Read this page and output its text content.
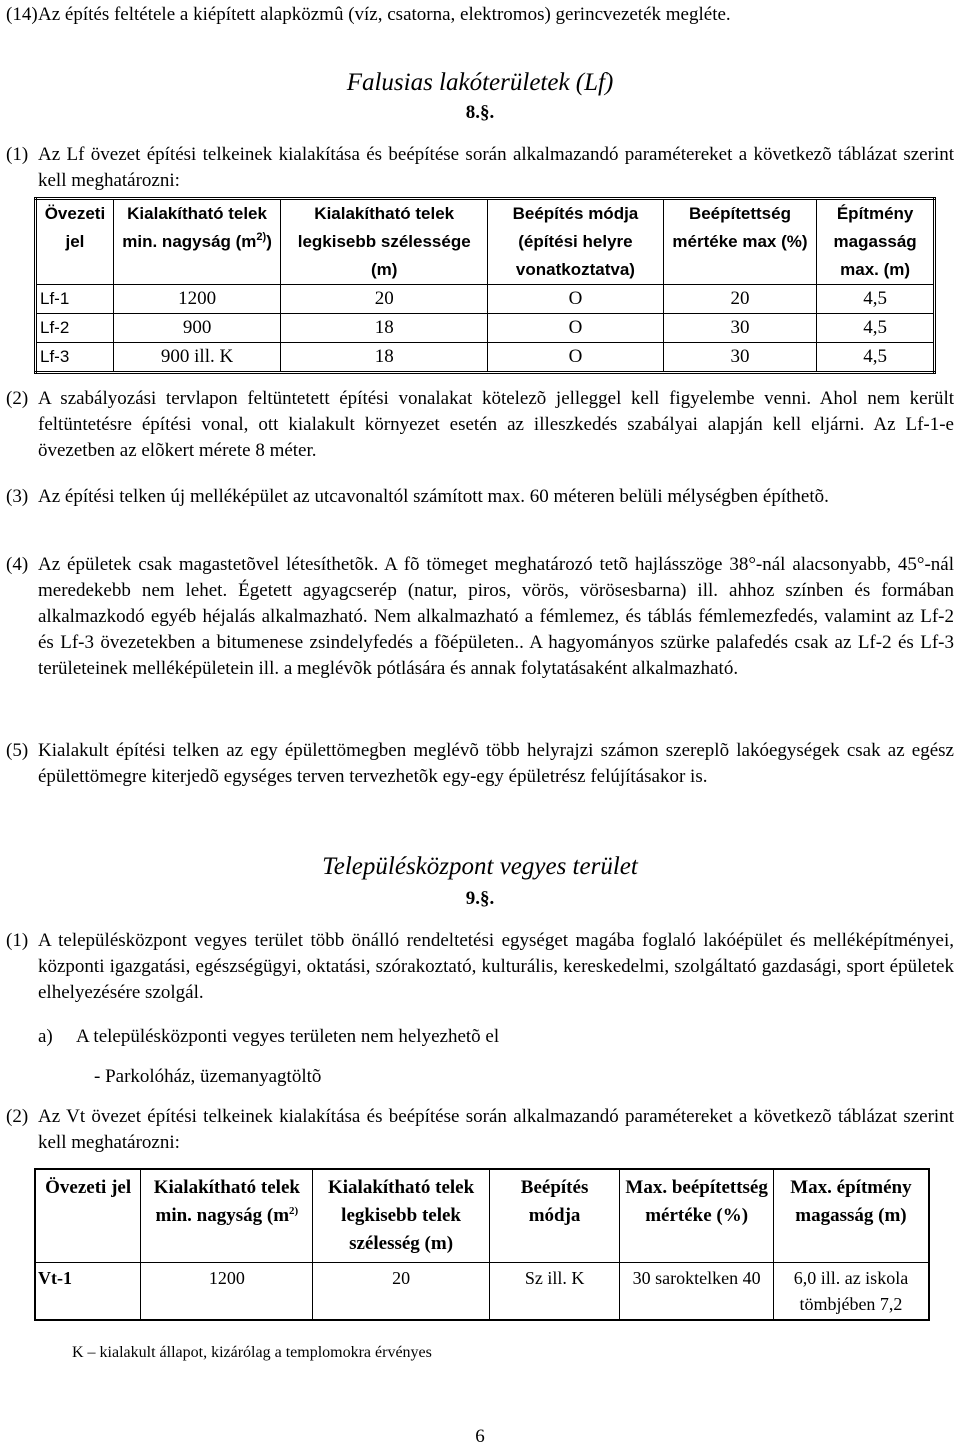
(14) Az építés feltétele a kiépített alapközmû (víz, csatorna, elektromos) gerincvezeték megléte.
Falusias lakóterületek (Lf)
8.§.
(1) Az Lf övezet építési telkeinek kialakítása és beépítése során alkalmazandó paramétereket a következõ táblázat szerint kell meghatározni:
Övezeti jel	Kialakítható telek min. nagyság $(m^{2)})$	Kialakítható telek legkisebb szélessége (m)	Beépítés módja (építési helyre vonatkoztatva)	Beépítettség mértéke max (%)	Építmény magasság max. (m)
Lf-1	1200	20	O	20	4,5
Lf-2	900	18	O	30	4,5
Lf-3	900 ill. K	18	O	30	4,5
(2) A szabályozási tervlapon feltüntetett építési vonalakat kötelezõ jelleggel kell figyelembe venni. Ahol nem került feltüntetésre építési vonal, ott kialakult környezet esetén az illeszkedés szabályai alapján kell eljárni. Az Lf-1-e övezetben az elõkert mérete 8 méter.
(3) Az építési telken új melléképület az utcavonaltól számított max. 60 méteren belüli mélységben építhetõ.
(4) Az épületek csak magastetõvel létesíthetõk. A fõ tömeget meghatározó tetõ hajlásszöge 38°-nál alacsonyabb, 45°-nál meredekebb nem lehet. Égetett agyagcserép (natur, piros, vörös, vörösesbarna) ill. ahhoz színben és formában alkalmazkodó egyéb héjalás alkalmazható. Nem alkalmazható a fémlemez, és táblás fémlemezfedés, valamint az Lf-2 és Lf-3 övezetekben a bitumenese zsindelyfedés a fõépületen.. A hagyományos szürke palafedés csak az Lf-2 és Lf-3 területeinek melléképületein ill. a meglévõk pótlására és annak folytatásaként alkalmazható.
(5) Kialakult építési telken az egy épülettömegben meglévõ több helyrajzi számon szereplõ lakóegységek csak az egész épülettömegre kiterjedõ egységes terven tervezhetõk egy-egy épületrész felújításakor is.
Településközpont vegyes terület
9.§.
(1) A településközpont vegyes terület több önálló rendeltetési egységet magába foglaló lakóépület és melléképítményei, központi igazgatási, egészségügyi, oktatási, szórakoztató, kulturális, kereskedelmi, szolgáltató gazdasági, sport épületek elhelyezésére szolgál.
a) A településközponti vegyes területen nem helyezhetõ el
- Parkolóház, üzemanyagtöltõ
(2) Az Vt övezet építési telkeinek kialakítása és beépítése során alkalmazandó paramétereket a következõ táblázat szerint kell meghatározni:
Övezeti jel	Kialakítható telek min. nagyság ($m^{2)}$	Kialakítható telek legkisebb telek szélesség (m)	Beépítés módja	Max. beépítettség mértéke (%)	Max. építmény magasság (m)
Vt-1	1200	20	Sz ill. K	30 saroktelken 40	6,0 ill. az iskola tömbjében 7,2
K – kialakult állapot, kizárólag a templomokra érvényes
6
